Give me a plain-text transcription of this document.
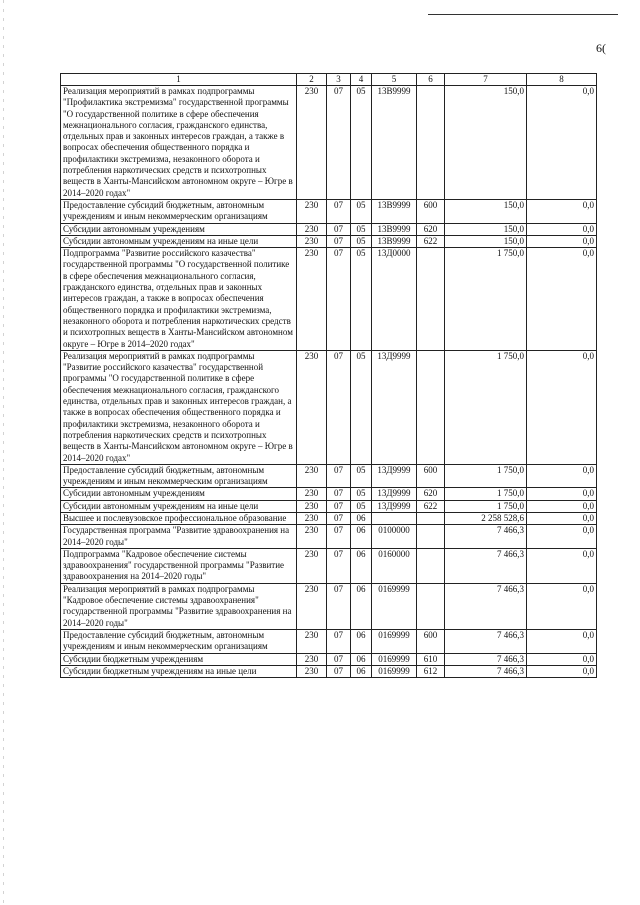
6(
1	2	3	4	5	6	7	8
Реализация мероприятий в рамках подпрограммы "Профилактика экстремизма" государственной программы "О государственной политике в сфере обеспечения межнационального согласия, гражданского единства, отдельных прав и законных интересов граждан, а также в вопросах обеспечения общественного порядка и профилактики экстремизма, незаконного оборота и потребления наркотических средств и психотропных веществ в Ханты-Мансийском автономном округе – Югре в 2014–2020 годах"	230	07	05	13В9999		150,0	0,0
Предоставление субсидий бюджетным, автономным учреждениям и иным некоммерческим организациям	230	07	05	13В9999	600	150,0	0,0
Субсидии автономным учреждениям	230	07	05	13В9999	620	150,0	0,0
Субсидии автономным учреждениям на иные цели	230	07	05	13В9999	622	150,0	0,0
Подпрограмма "Развитие российского казачества" государственной программы "О государственной политике в сфере обеспечения межнационального согласия, гражданского единства, отдельных прав и законных интересов граждан, а также в вопросах обеспечения общественного порядка и профилактики экстремизма, незаконного оборота и потребления наркотических средств и психотропных веществ в Ханты-Мансийском автономном округе – Югре в 2014–2020 годах"	230	07	05	13Д0000		1 750,0	0,0
Реализация мероприятий в рамках подпрограммы "Развитие российского казачества" государственной программы "О государственной политике в сфере обеспечения межнационального согласия, гражданского единства, отдельных прав и законных интересов граждан, а также в вопросах обеспечения общественного порядка и профилактики экстремизма, незаконного оборота и потребления наркотических средств и психотропных веществ в Ханты-Мансийском автономном округе – Югре в 2014–2020 годах"	230	07	05	13Д9999		1 750,0	0,0
Предоставление субсидий бюджетным, автономным учреждениям и иным некоммерческим организациям	230	07	05	13Д9999	600	1 750,0	0,0
Субсидии автономным учреждениям	230	07	05	13Д9999	620	1 750,0	0,0
Субсидии автономным учреждениям на иные цели	230	07	05	13Д9999	622	1 750,0	0,0
Высшее и послевузовское профессиональное образование	230	07	06			2 258 528,6	0,0
Государственная программа "Развитие здравоохранения на 2014–2020 годы"	230	07	06	0100000		7 466,3	0,0
Подпрограмма "Кадровое обеспечение системы здравоохранения" государственной программы "Развитие здравоохранения на 2014–2020 годы"	230	07	06	0160000		7 466,3	0,0
Реализация мероприятий в рамках подпрограммы "Кадровое обеспечение системы здравоохранения" государственной программы "Развитие здравоохранения на 2014–2020 годы"	230	07	06	0169999		7 466,3	0,0
Предоставление субсидий бюджетным, автономным учреждениям и иным некоммерческим организациям	230	07	06	0169999	600	7 466,3	0,0
Субсидии бюджетным учреждениям	230	07	06	0169999	610	7 466,3	0,0
Субсидии бюджетным учреждениям на иные цели	230	07	06	0169999	612	7 466,3	0,0
